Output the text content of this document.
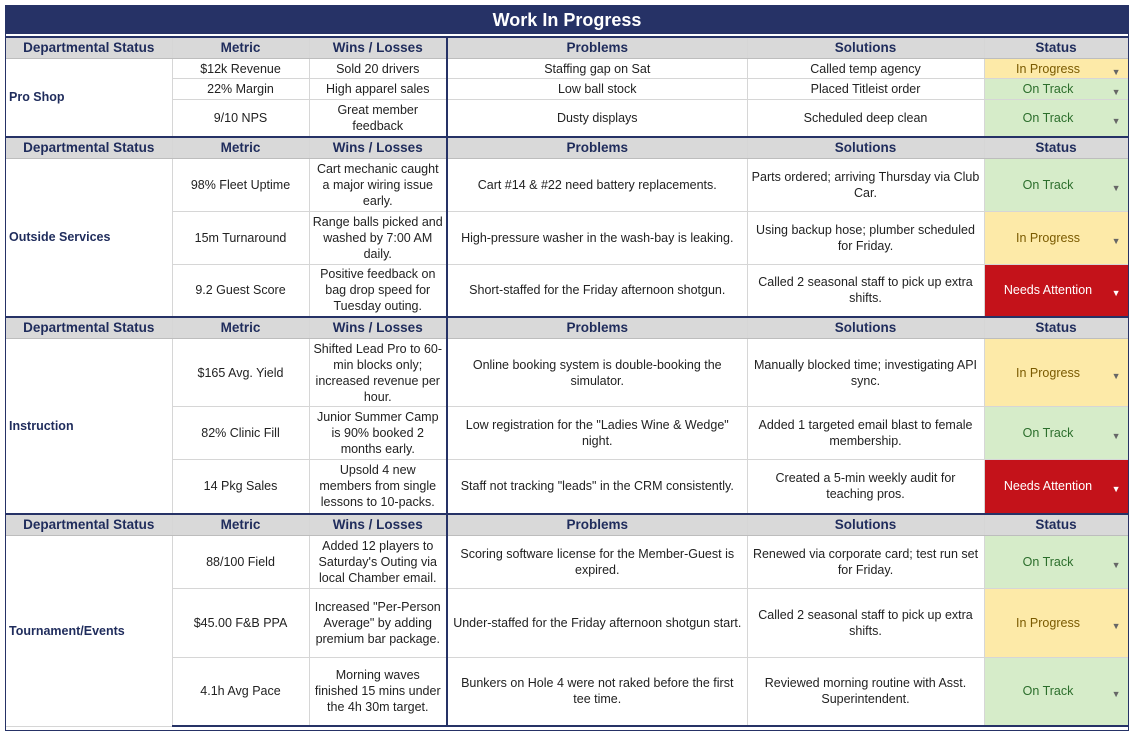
Work In Progress
Departmental Status	Metric	Wins / Losses	Problems	Solutions	Status
Pro Shop	$12k Revenue	Sold 20 drivers	Staffing gap on Sat	Called temp agency	In Progress ▼

	22% Margin	High apparel sales	Low ball stock	Placed Titleist order	On Track ▼

	9/10 NPS	Great member feedback	Dusty displays	Scheduled deep clean	On Track ▼

Departmental Status	Metric	Wins / Losses	Problems	Solutions	Status
Outside Services	98% Fleet Uptime	Cart mechanic caught a major wiring issue early.	Cart #14 & #22 need battery replacements.	Parts ordered; arriving Thursday via Club Car.	On Track ▼

	15m Turnaround	Range balls picked and washed by 7:00 AM daily.	High-pressure washer in the wash-bay is leaking.	Using backup hose; plumber scheduled for Friday.	In Progress ▼

	9.2 Guest Score	Positive feedback on bag drop speed for Tuesday outing.	Short-staffed for the Friday afternoon shotgun.	Called 2 seasonal staff to pick up extra shifts.	Needs Attention ▼

Departmental Status	Metric	Wins / Losses	Problems	Solutions	Status
Instruction	$165 Avg. Yield	Shifted Lead Pro to 60-min blocks only; increased revenue per hour.	Online booking system is double-booking the simulator.	Manually blocked time; investigating API sync.	In Progress ▼

	82% Clinic Fill	Junior Summer Camp is 90% booked 2 months early.	Low registration for the "Ladies Wine & Wedge" night.	Added 1 targeted email blast to female membership.	On Track ▼

	14 Pkg Sales	Upsold 4 new members from single lessons to 10-packs.	Staff not tracking "leads" in the CRM consistently.	Created a 5-min weekly audit for teaching pros.	Needs Attention ▼

Departmental Status	Metric	Wins / Losses	Problems	Solutions	Status
Tournament/Events	88/100 Field	Added 12 players to Saturday's Outing via local Chamber email.	Scoring software license for the Member-Guest is expired.	Renewed via corporate card; test run set for Friday.	On Track ▼

	$45.00 F&B PPA	Increased "Per-Person Average" by adding premium bar package.	Under-staffed for the Friday afternoon shotgun start.	Called 2 seasonal staff to pick up extra shifts.	In Progress ▼

	4.1h Avg Pace	Morning waves finished 15 mins under the 4h 30m target.	Bunkers on Hole 4 were not raked before the first tee time.	Reviewed morning routine with Asst. Superintendent.	On Track ▼
